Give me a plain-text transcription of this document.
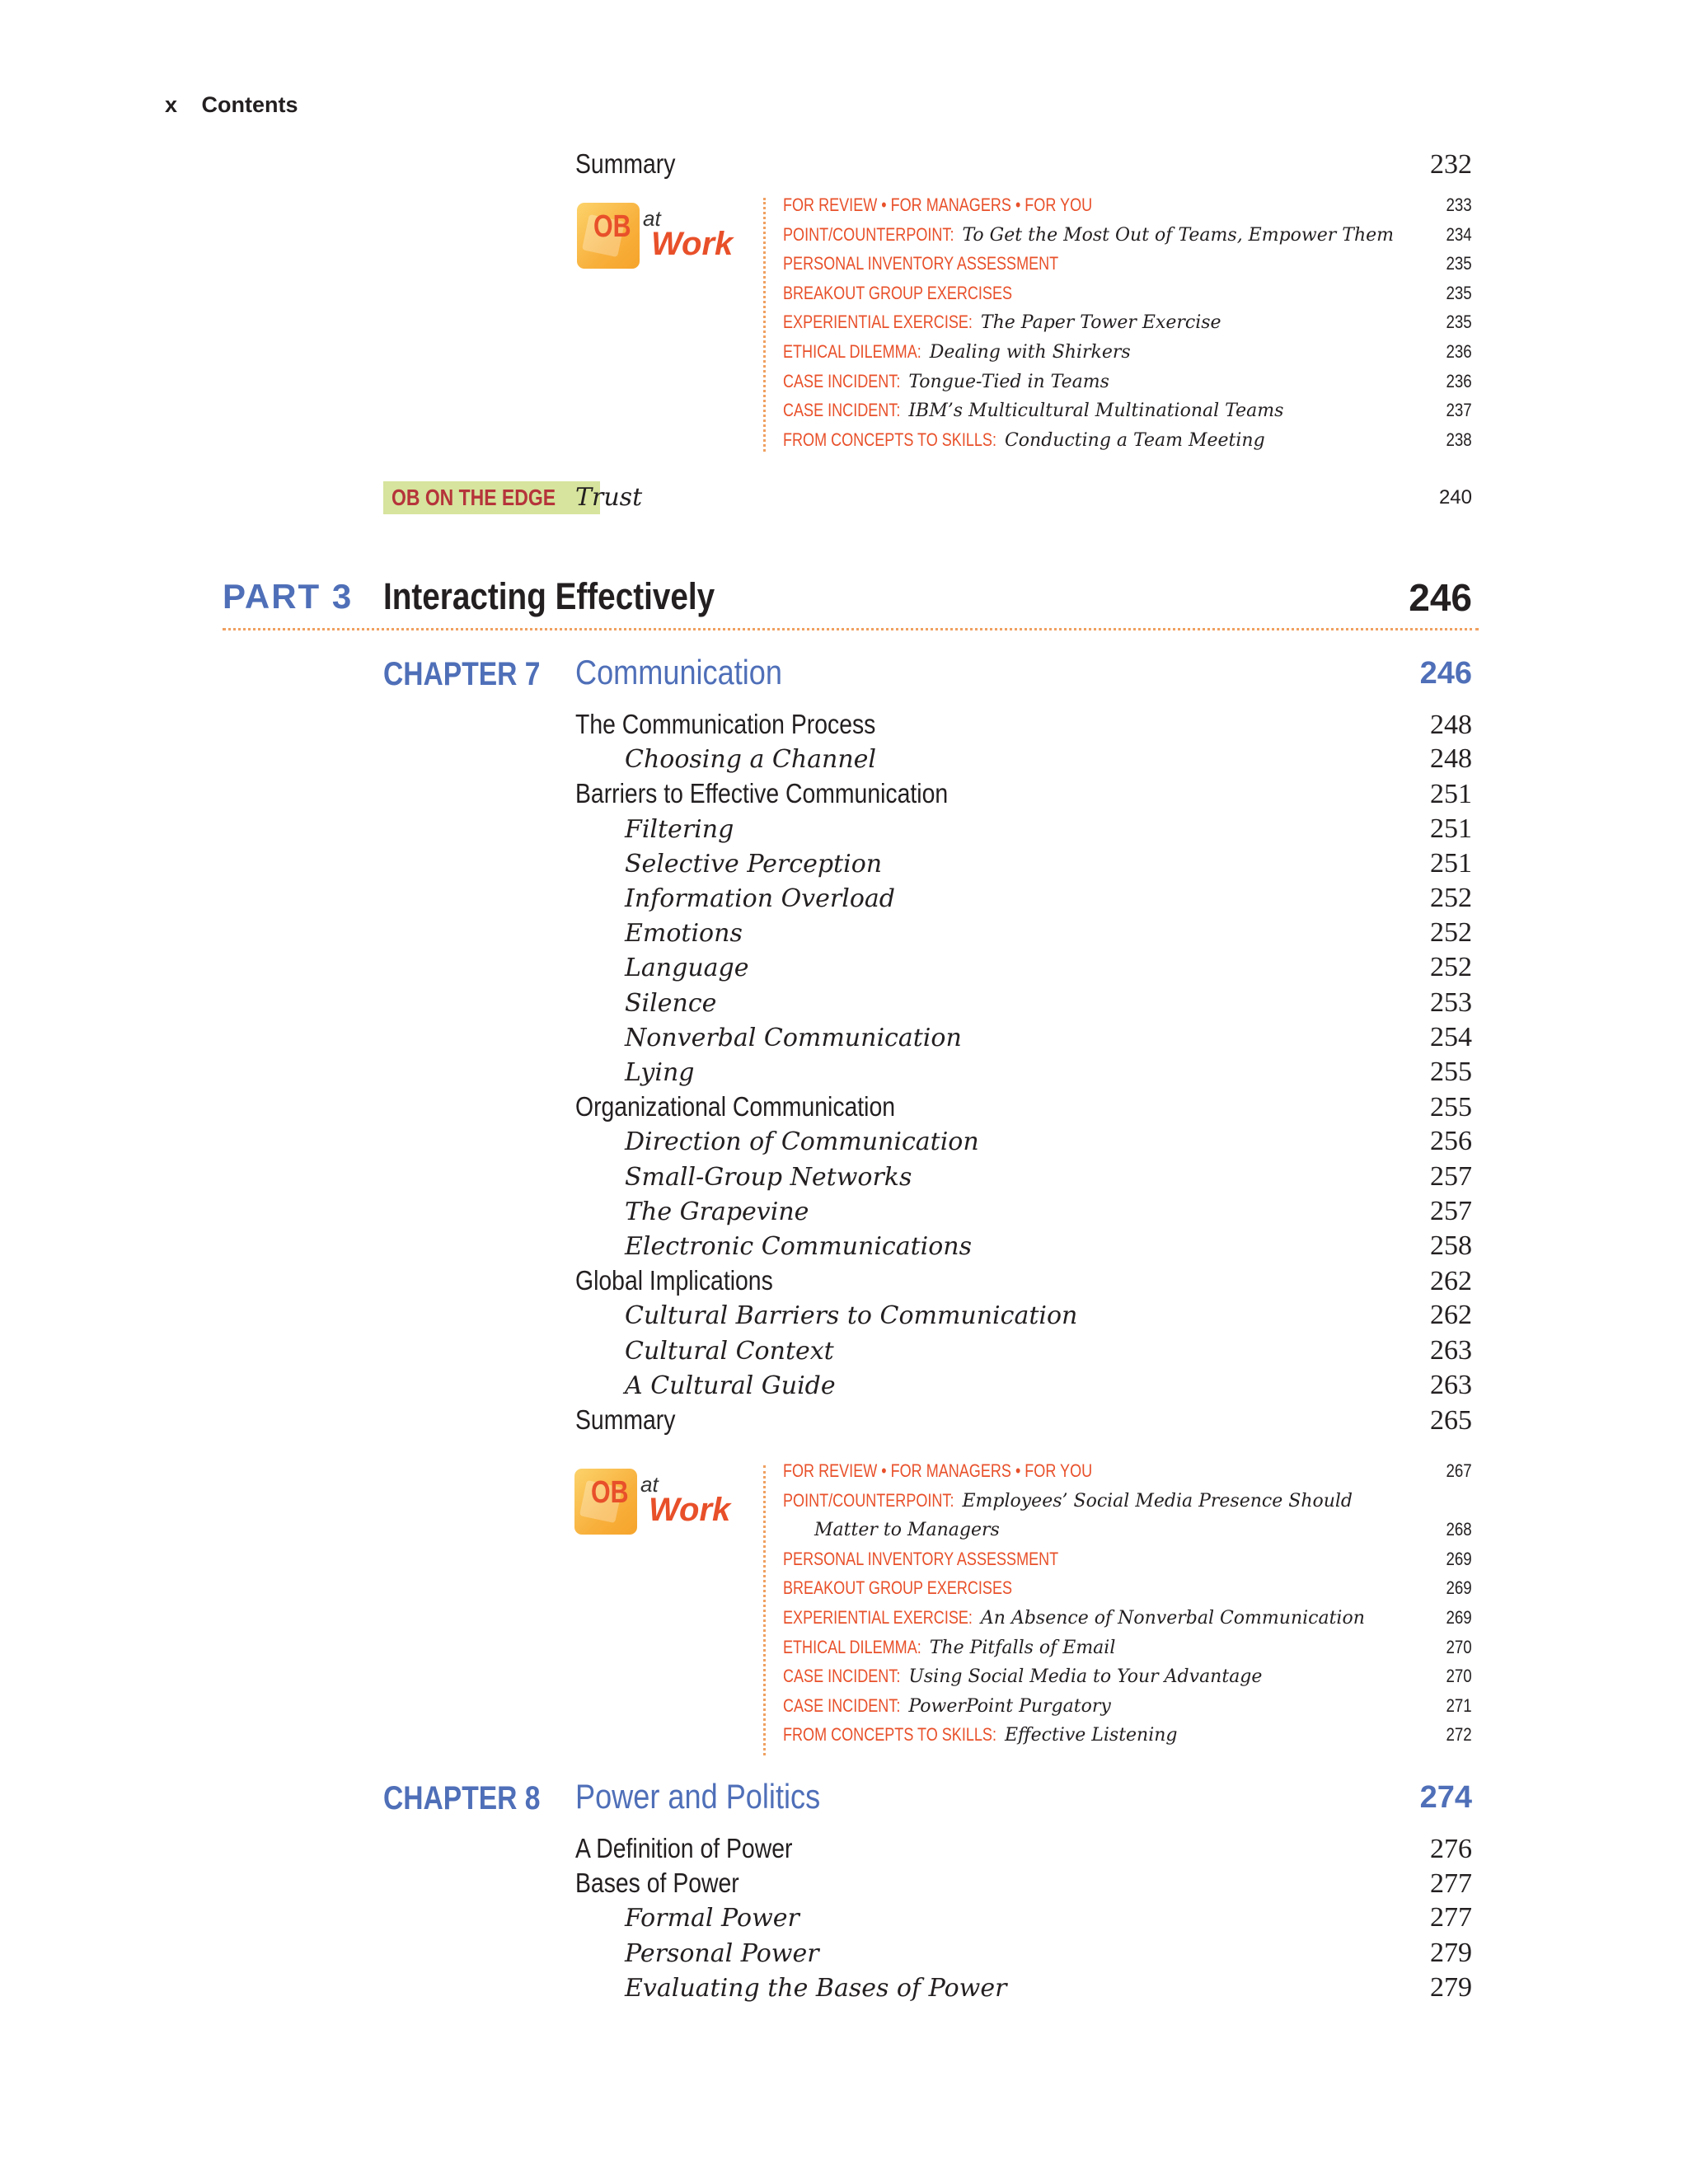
x Contents
Summary	232
OB at
Work
FOR REVIEW • FOR MANAGERS • FOR YOU	233
POINT/COUNTERPOINT: To Get the Most Out of Teams, Empower Them	234
PERSONAL INVENTORY ASSESSMENT	235
BREAKOUT GROUP EXERCISES	235
EXPERIENTIAL EXERCISE: The Paper Tower Exercise	235
ETHICAL DILEMMA: Dealing with Shirkers	236
CASE INCIDENT: Tongue-Tied in Teams	236
CASE INCIDENT: IBM’s Multicultural Multinational Teams	237
FROM CONCEPTS TO SKILLS: Conducting a Team Meeting	238
OB ON THE EDGE Trust	240
PART 3 Interacting Effectively	246
CHAPTER 7	Communication	246
The Communication Process	248
Choosing a Channel	248
Barriers to Effective Communication	251
Filtering	251
Selective Perception	251
Information Overload	252
Emotions	252
Language	252
Silence	253
Nonverbal Communication	254
Lying	255
Organizational Communication	255
Direction of Communication	256
Small-Group Networks	257
The Grapevine	257
Electronic Communications	258
Global Implications	262
Cultural Barriers to Communication	262
Cultural Context	263
A Cultural Guide	263
Summary	265
OB at
Work
FOR REVIEW • FOR MANAGERS • FOR YOU	267
POINT/COUNTERPOINT: Employees’ Social Media Presence Should
Matter to Managers	268
PERSONAL INVENTORY ASSESSMENT	269
BREAKOUT GROUP EXERCISES	269
EXPERIENTIAL EXERCISE: An Absence of Nonverbal Communication	269
ETHICAL DILEMMA: The Pitfalls of Email	270
CASE INCIDENT: Using Social Media to Your Advantage	270
CASE INCIDENT: PowerPoint Purgatory	271
FROM CONCEPTS TO SKILLS: Effective Listening	272
CHAPTER 8	Power and Politics	274
A Definition of Power	276
Bases of Power	277
Formal Power	277
Personal Power	279
Evaluating the Bases of Power	279
